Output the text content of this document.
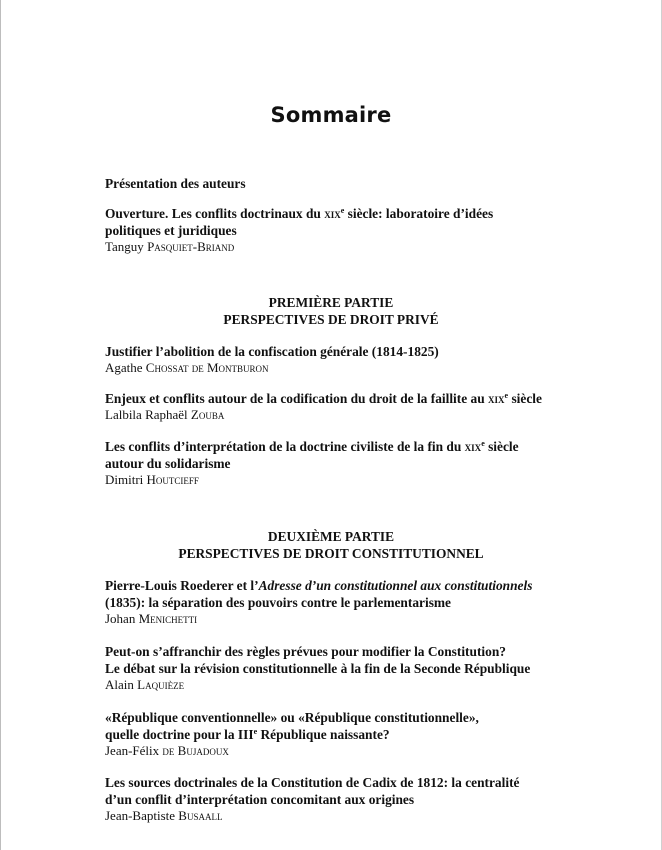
Sommaire

Présentation des auteurs

Ouverture. Les conflits doctrinaux du xix$^e$ siècle: laboratoire d’idées

politiques et juridiques

Tanguy Pasquiet-Briand

PREMIÈRE PARTIE
PERSPECTIVES DE DROIT PRIVÉ

Justifier l’abolition de la confiscation générale (1814-1825)

Agathe Chossat de Montburon

Enjeux et conflits autour de la codification du droit de la faillite au xix$^e$ siècle

Lalbila Raphaël Zouba

Les conflits d’interprétation de la doctrine civiliste de la fin du xix$^e$ siècle

autour du solidarisme

Dimitri Houtcieff

DEUXIÈME PARTIE
PERSPECTIVES DE DROIT CONSTITUTIONNEL

Pierre-Louis Roederer et l’Adresse d’un constitutionnel aux constitutionnels

(1835): la séparation des pouvoirs contre le parlementarisme

Johan Menichetti

Peut-on s’affranchir des règles prévues pour modifier la Constitution?

Le débat sur la révision constitutionnelle à la fin de la Seconde République

Alain Laquièze

«République conventionnelle» ou «République constitutionnelle»,

quelle doctrine pour la IIIe République naissante?

Jean-Félix de Bujadoux

Les sources doctrinales de la Constitution de Cadix de 1812: la centralité

d’un conflit d’interprétation concomitant aux origines

Jean-Baptiste Busaall
